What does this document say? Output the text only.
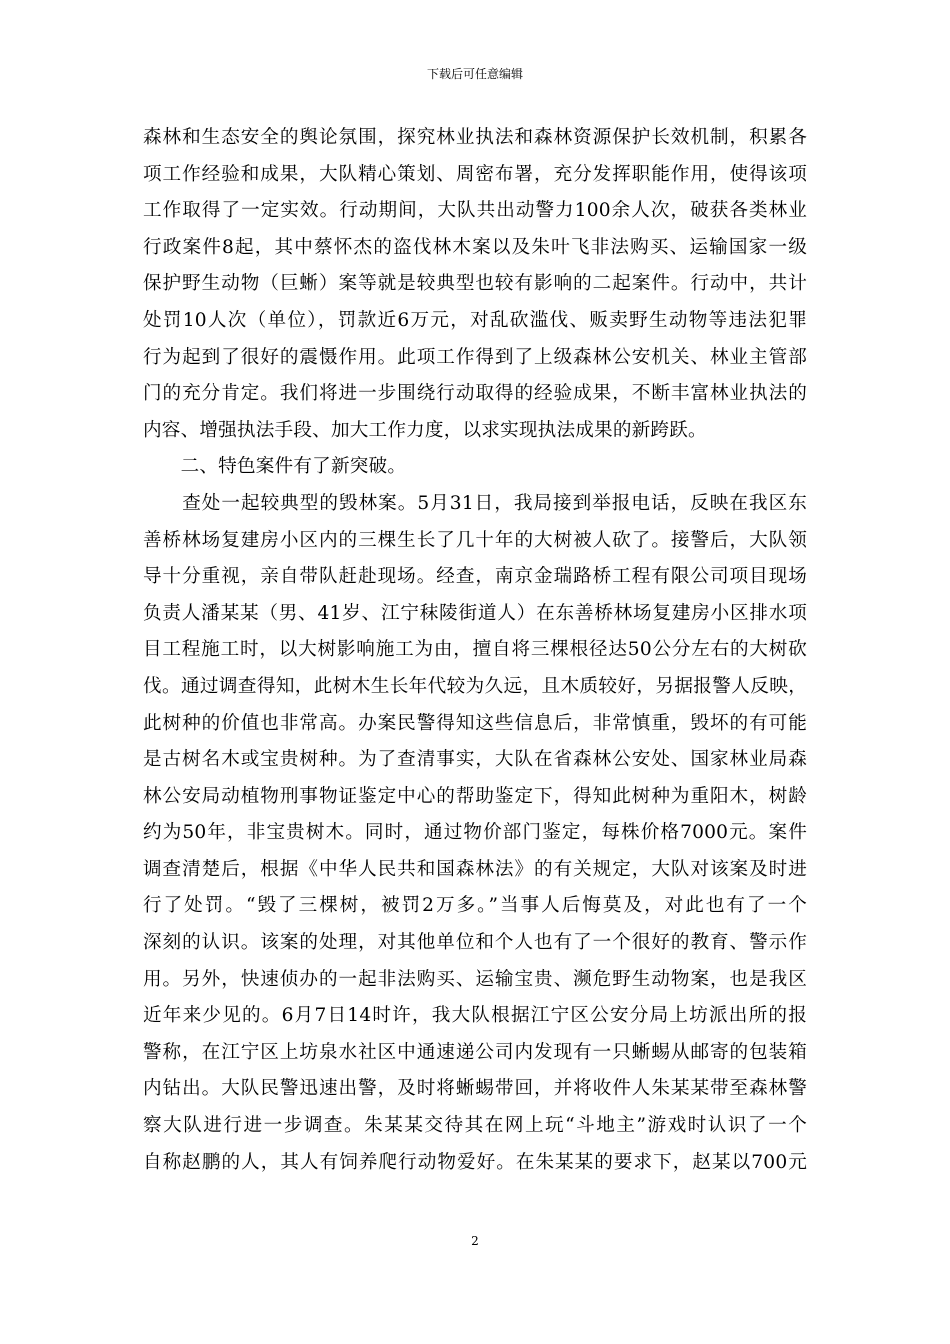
下载后可任意编辑
森林和生态安全的舆论氛围，探究林业执法和森林资源保护长效机制，积累各
项工作经验和成果，大队精心策划、周密布署，充分发挥职能作用，使得该项
工作取得了一定实效。行动期间，大队共出动警力100余人次，破获各类林业
行政案件8起，其中蔡怀杰的盗伐林木案以及朱叶飞非法购买、运输国家一级
保护野生动物（巨蜥）案等就是较典型也较有影响的二起案件。行动中，共计
处罚10人次（单位），罚款近6万元，对乱砍滥伐、贩卖野生动物等违法犯罪
行为起到了很好的震慑作用。此项工作得到了上级森林公安机关、林业主管部
门的充分肯定。我们将进一步围绕行动取得的经验成果，不断丰富林业执法的
内容、增强执法手段、加大工作力度，以求实现执法成果的新跨跃。
　　二、特色案件有了新突破。
　　查处一起较典型的毁林案。5月31日，我局接到举报电话，反映在我区东
善桥林场复建房小区内的三棵生长了几十年的大树被人砍了。接警后，大队领
导十分重视，亲自带队赶赴现场。经查，南京金瑞路桥工程有限公司项目现场
负责人潘某某（男、41岁、江宁秣陵街道人）在东善桥林场复建房小区排水项
目工程施工时，以大树影响施工为由，擅自将三棵根径达50公分左右的大树砍
伐。通过调查得知，此树木生长年代较为久远，且木质较好，另据报警人反映，
此树种的价值也非常高。办案民警得知这些信息后，非常慎重，毁坏的有可能
是古树名木或宝贵树种。为了查清事实，大队在省森林公安处、国家林业局森
林公安局动植物刑事物证鉴定中心的帮助鉴定下，得知此树种为重阳木，树龄
约为50年，非宝贵树木。同时，通过物价部门鉴定，每株价格7000元。案件
调查清楚后，根据《中华人民共和国森林法》的有关规定，大队对该案及时进
行了处罚。“毁了三棵树，被罚2万多。”当事人后悔莫及，对此也有了一个
深刻的认识。该案的处理，对其他单位和个人也有了一个很好的教育、警示作
用。另外，快速侦办的一起非法购买、运输宝贵、濒危野生动物案，也是我区
近年来少见的。6月7日14时许，我大队根据江宁区公安分局上坊派出所的报
警称，在江宁区上坊泉水社区中通速递公司内发现有一只蜥蜴从邮寄的包装箱
内钻出。大队民警迅速出警，及时将蜥蜴带回，并将收件人朱某某带至森林警
察大队进行进一步调查。朱某某交待其在网上玩“斗地主”游戏时认识了一个
自称赵鹏的人，其人有饲养爬行动物爱好。在朱某某的要求下，赵某以700元
2
